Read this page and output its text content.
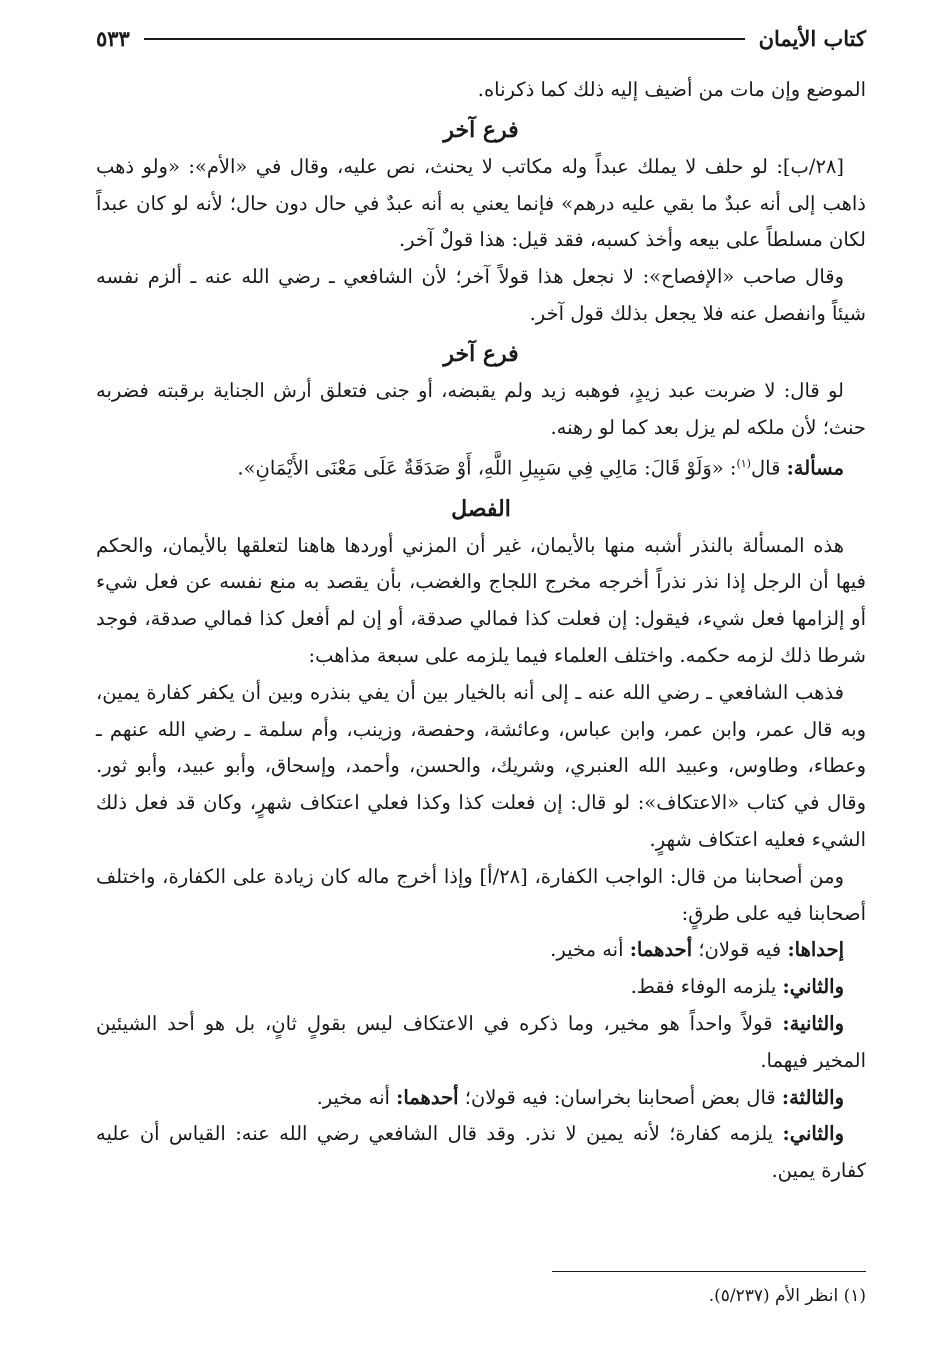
كتاب الأيمان
٥٣٣

الموضع وإن مات من أضيف إليه ذلك كما ذكرناه.

فرع آخر

[٢٨/ب]: لو حلف لا يملك عبداً وله مكاتب لا يحنث، نص عليه، وقال في «الأم»: «ولو ذهب ذاهب إلى أنه عبدٌ ما بقي عليه درهم» فإنما يعني به أنه عبدٌ في حال دون حال؛ لأنه لو كان عبداً لكان مسلطاً على بيعه وأخذ كسبه، فقد قيل: هذا قولٌ آخر.

وقال صاحب «الإفصاح»: لا نجعل هذا قولاً آخر؛ لأن الشافعي ـ رضي الله عنه ـ ألزم نفسه شيئاً وانفصل عنه فلا يجعل بذلك قول آخر.

فرع آخر

لو قال: لا ضربت عبد زيدٍ، فوهبه زيد ولم يقبضه، أو جنى فتعلق أرش الجناية برقبته فضربه حنث؛ لأن ملكه لم يزل بعد كما لو رهنه.

مسألة: قال$^{(١)}$: «وَلَوْ قَالَ: مَالِي فِي سَبِيلِ اللَّهِ، أَوْ صَدَقَةٌ عَلَى مَعْنَى الأَيْمَانِ».

الفصل

هذه المسألة بالنذر أشبه منها بالأيمان، غير أن المزني أوردها هاهنا لتعلقها بالأيمان، والحكم فيها أن الرجل إذا نذر نذراً أخرجه مخرج اللجاج والغضب، بأن يقصد به منع نفسه عن فعل شيء أو إلزامها فعل شيء، فيقول: إن فعلت كذا فمالي صدقة، أو إن لم أفعل كذا فمالي صدقة، فوجد شرطا ذلك لزمه حكمه. واختلف العلماء فيما يلزمه على سبعة مذاهب:

فذهب الشافعي ـ رضي الله عنه ـ إلى أنه بالخيار بين أن يفي بنذره وبين أن يكفر كفارة يمين، وبه قال عمر، وابن عمر، وابن عباس، وعائشة، وحفصة، وزينب، وأم سلمة ـ رضي الله عنهم ـ وعطاء، وطاوس، وعبيد الله العنبري، وشريك، والحسن، وأحمد، وإسحاق، وأبو عبيد، وأبو ثور. وقال في كتاب «الاعتكاف»: لو قال: إن فعلت كذا وكذا فعلي اعتكاف شهرٍ، وكان قد فعل ذلك الشيء فعليه اعتكاف شهرٍ.

ومن أصحابنا من قال: الواجب الكفارة، [٢٨/أ] وإذا أخرج ماله كان زيادة على الكفارة، واختلف أصحابنا فيه على طرقٍ:

إحداها: فيه قولان؛ أحدهما: أنه مخير.

والثاني: يلزمه الوفاء فقط.

والثانية: قولاً واحداً هو مخير، وما ذكره في الاعتكاف ليس بقولٍ ثانٍ، بل هو أحد الشيئين المخير فيهما.

والثالثة: قال بعض أصحابنا بخراسان: فيه قولان؛ أحدهما: أنه مخير.

والثاني: يلزمه كفارة؛ لأنه يمين لا نذر. وقد قال الشافعي رضي الله عنه: القياس أن عليه كفارة يمين.

(١) انظر الأم (٥/٢٣٧).
